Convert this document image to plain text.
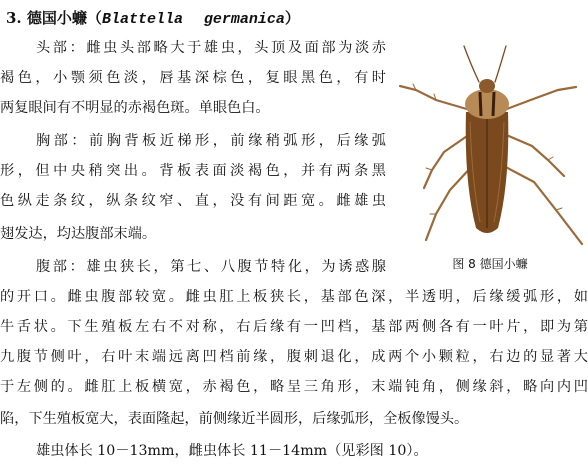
3. 德国小蠊（Blattella germanica）
头部：雌虫头部略大于雄虫，头顶及面部为淡赤
褐色，小颚须色淡，唇基深棕色，复眼黑色，有时
两复眼间有不明显的赤褐色斑。单眼色白。
胸部：前胸背板近梯形，前缘稍弧形，后缘弧
形，但中央稍突出。背板表面淡褐色，并有两条黑
色纵走条纹，纵条纹窄、直，没有间距宽。雌雄虫
翅发达，均达腹部末端。
腹部：雄虫狭长，第七、八腹节特化，为诱惑腺
的开口。雌虫腹部较宽。雌虫肛上板狭长，基部色深，半透明，后缘缓弧形，如
牛舌状。下生殖板左右不对称，右后缘有一凹档，基部两侧各有一叶片，即为第
九腹节侧叶，右叶末端远离凹档前缘，腹刺退化，成两个小颗粒，右边的显著大
于左侧的。雌肛上板横宽，赤褐色，略呈三角形，末端钝角，侧缘斜，略向内凹
陷，下生殖板宽大，表面隆起，前侧缘近半圆形，后缘弧形，全板像馒头。
雄虫体长 10－13mm，雌虫体长 11－14mm（见彩图 10）。
图 8 德国小蠊
